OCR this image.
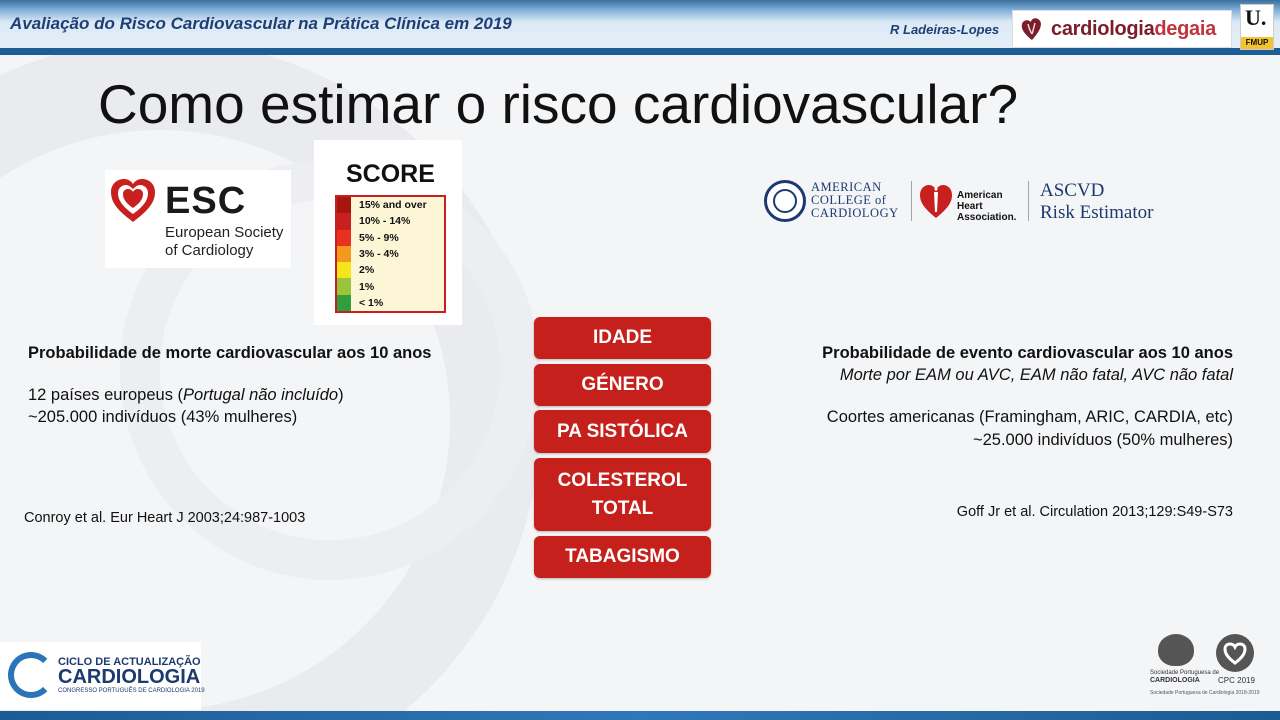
Avaliação do Risco Cardiovascular na Prática Clínica em 2019	R Ladeiras-Lopes	cardiologiadegaia U.
FMUP
Como estimar o risco cardiovascular?
ESC
European Society
of Cardiology
SCORE
15% and over
10% - 14%
5% - 9%
3% - 4%
2%
1%
< 1%
AMERICAN
COLLEGE of
CARDIOLOGY
American
Heart
Association.
ASCVD
Risk Estimator
Probabilidade de morte cardiovascular aos 10 anos
12 países europeus (Portugal não incluído)
~205.000 indivíduos (43% mulheres)
Conroy et al. Eur Heart J 2003;24:987-1003
Probabilidade de evento cardiovascular aos 10 anos
Morte por EAM ou AVC, EAM não fatal, AVC não fatal
Coortes americanas (Framingham, ARIC, CARDIA, etc)
~25.000 indivíduos (50% mulheres)
Goff Jr et al. Circulation 2013;129:S49-S73
IDADE
GÉNERO
PA SISTÓLICA
COLESTEROL TOTAL
TABAGISMO
CICLO DE ACTUALIZAÇÃO
CARDIOLOGIA
CONGRESSO PORTUGUÊS DE CARDIOLOGIA 2019
Sociedade Portuguesa de
CARDIOLOGIA
Sociedade Portuguesa de Cardiologia 2018-2019
CPC 2019
